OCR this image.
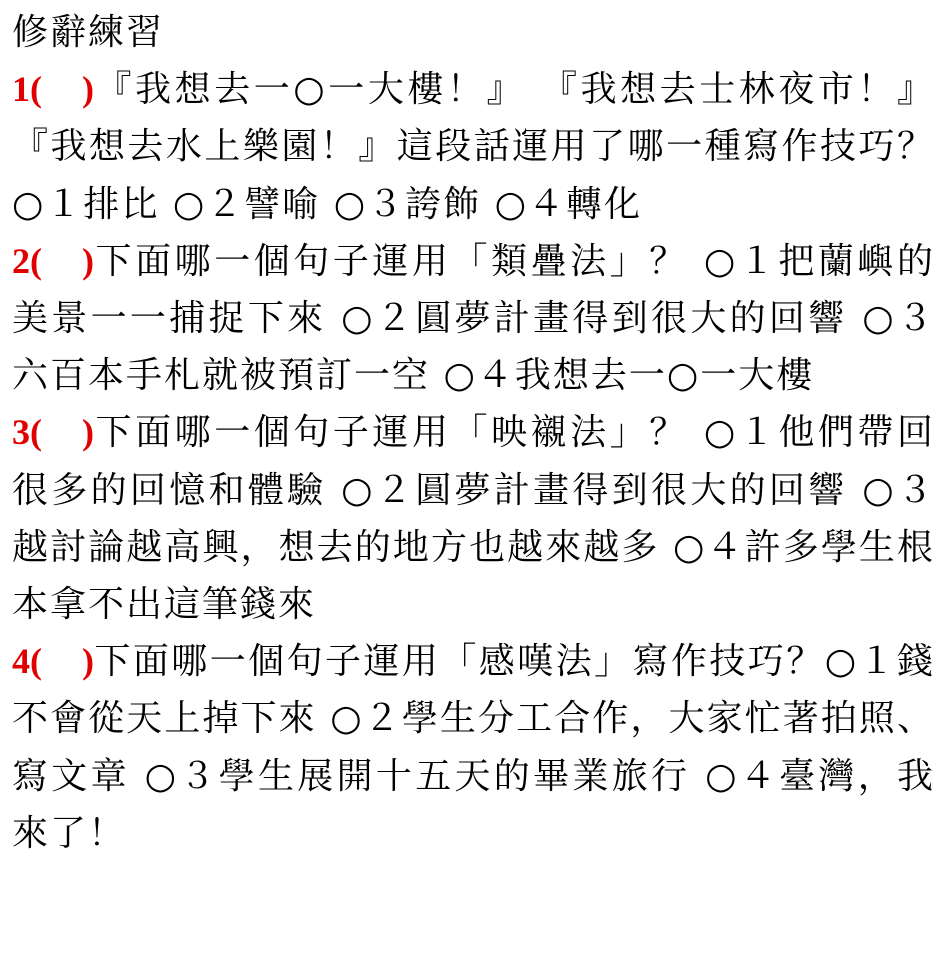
修辭練習
1( )『我想去一○一大樓！』 『我想去士林夜市！』『我想去水上樂園！』這段話運用了哪一種寫作技巧？ ○１排比 ○２譬喻 ○３誇飾 ○４轉化
2( )下面哪一個句子運用「類疊法」？ ○１把蘭嶼的美景一一捕捉下來 ○２圓夢計畫得到很大的回響 ○３六百本手札就被預訂一空 ○４我想去一○一大樓
3( )下面哪一個句子運用「映襯法」？ ○１他們帶回很多的回憶和體驗 ○２圓夢計畫得到很大的回響 ○３越討論越高興，想去的地方也越來越多 ○４許多學生根本拿不出這筆錢來
4( )下面哪一個句子運用「感嘆法」寫作技巧？○１錢不會從天上掉下來 ○２學生分工合作，大家忙著拍照、寫文章 ○３學生展開十五天的畢業旅行 ○４臺灣，我來了！
